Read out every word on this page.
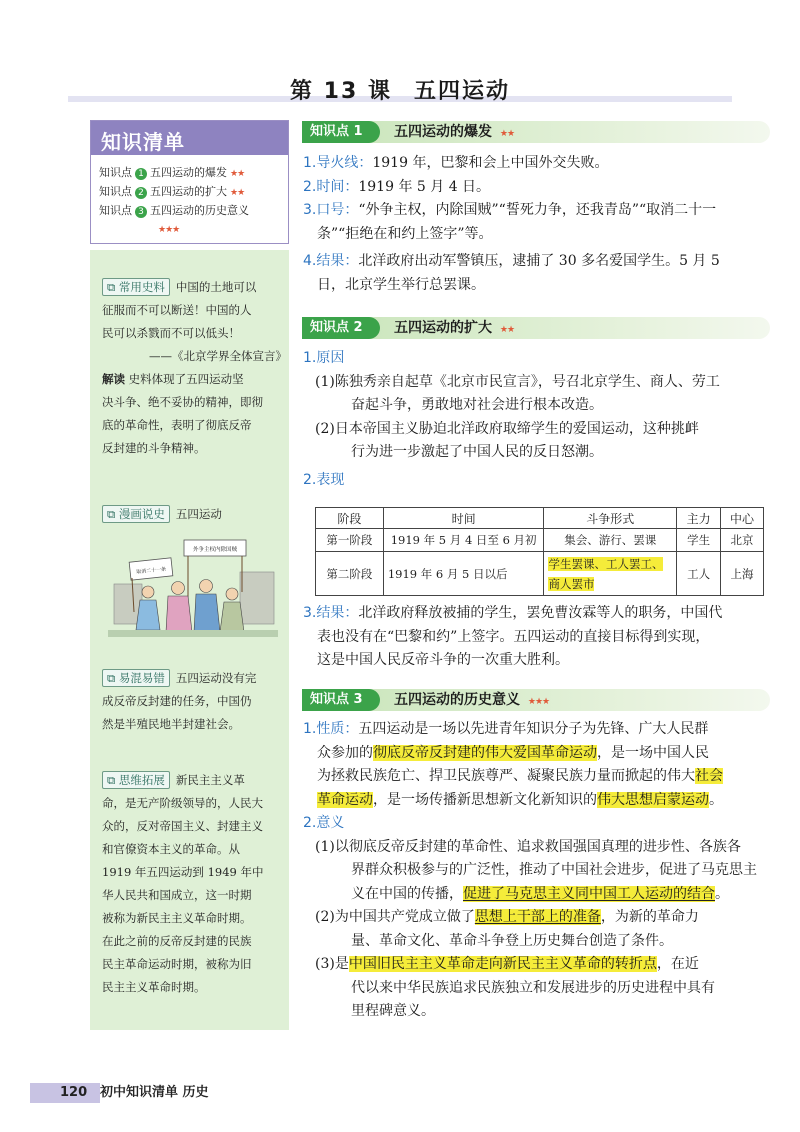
第 13 课 五四运动
知识清单
知识点 1 五四运动的爆发 ★★
知识点 2 五四运动的扩大 ★★
知识点 3 五四运动的历史意义
★★★
⧉ 常用史料 中国的土地可以
征服而不可以断送！中国的人
民可以杀戮而不可以低头！
——《北京学界全体宣言》
解读 史料体现了五四运动坚
决斗争、绝不妥协的精神，即彻
底的革命性，表明了彻底反帝
反封建的斗争精神。
⧉ 漫画说史 五四运动
取消二十一条
外争主权内除国贼
⧉ 易混易错 五四运动没有完
成反帝反封建的任务，中国仍
然是半殖民地半封建社会。
⧉ 思维拓展 新民主主义革
命，是无产阶级领导的，人民大
众的，反对帝国主义、封建主义
和官僚资本主义的革命。从
1919 年五四运动到 1949 年中
华人民共和国成立，这一时期
被称为新民主主义革命时期。
在此之前的反帝反封建的民族
民主革命运动时期，被称为旧
民主主义革命时期。
知识点 1	五四运动的爆发 ★★
1.导火线：1919 年，巴黎和会上中国外交失败。
2.时间：1919 年 5 月 4 日。
3.口号：“外争主权，内除国贼”“誓死力争，还我青岛”“取消二十一
条”“拒绝在和约上签字”等。
4.结果：北洋政府出动军警镇压，逮捕了 30 多名爱国学生。5 月 5
日，北京学生举行总罢课。
知识点 2	五四运动的扩大 ★★
1.原因
(1)陈独秀亲自起草《北京市民宣言》，号召北京学生、商人、劳工
奋起斗争，勇敢地对社会进行根本改造。
(2)日本帝国主义胁迫北洋政府取缔学生的爱国运动，这种挑衅
行为进一步激起了中国人民的反日怒潮。
2.表现
阶段	时间	斗争形式	主力	中心
第一阶段	1919 年 5 月 4 日至 6 月初	集会、游行、罢课	学生	北京
第二阶段	1919 年 6 月 5 日以后	学生罢课、工人罢工、商人罢市	工人	上海
3.结果：北洋政府释放被捕的学生，罢免曹汝霖等人的职务，中国代
表也没有在“巴黎和约”上签字。五四运动的直接目标得到实现，
这是中国人民反帝斗争的一次重大胜利。
知识点 3	五四运动的历史意义 ★★★
1.性质：五四运动是一场以先进青年知识分子为先锋、广大人民群
众参加的彻底反帝反封建的伟大爱国革命运动，是一场中国人民
为拯救民族危亡、捍卫民族尊严、凝聚民族力量而掀起的伟大社会
革命运动，是一场传播新思想新文化新知识的伟大思想启蒙运动。
2.意义
(1)以彻底反帝反封建的革命性、追求救国强国真理的进步性、各族各
界群众积极参与的广泛性，推动了中国社会进步，促进了马克思主
义在中国的传播，促进了马克思主义同中国工人运动的结合。
(2)为中国共产党成立做了思想上干部上的准备，为新的革命力
量、革命文化、革命斗争登上历史舞台创造了条件。
(3)是中国旧民主主义革命走向新民主主义革命的转折点，在近
代以来中华民族追求民族独立和发展进步的历史进程中具有
里程碑意义。
120 初中知识清单 历史
